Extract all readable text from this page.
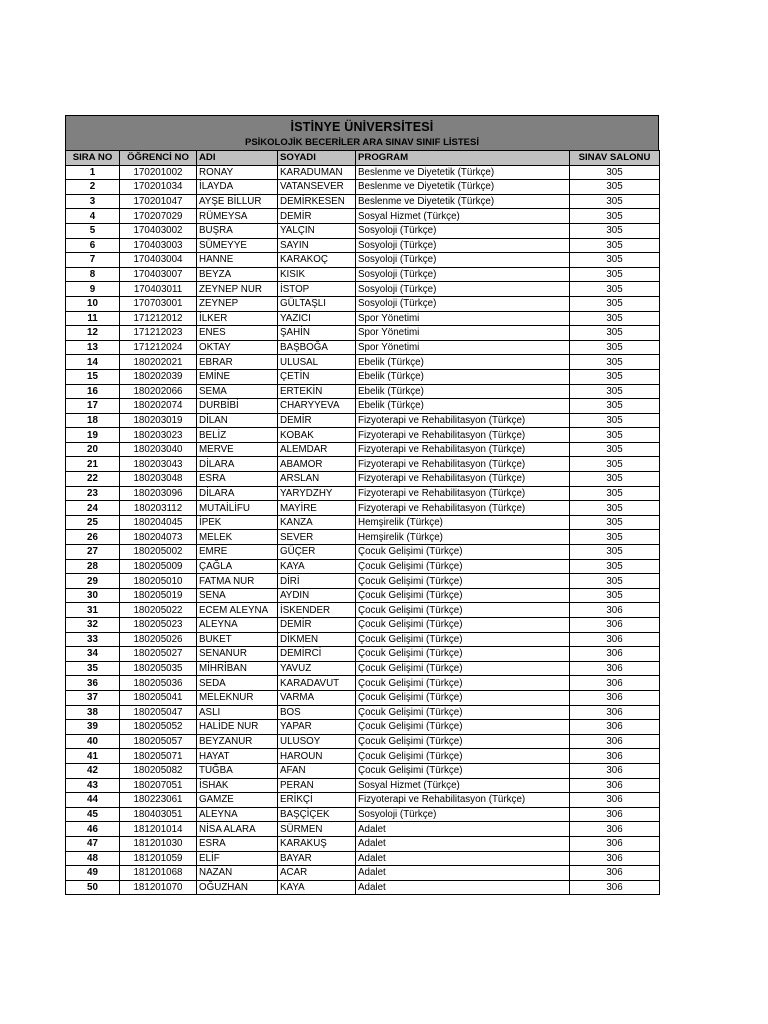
İSTİNYE ÜNİVERSİTESİ
PSİKOLOJİK BECERİLER ARA SINAV SINIF LİSTESİ
SIRA NO	ÖĞRENCİ NO	ADI	SOYADI	PROGRAM	SINAV SALONU
1	170201002	RONAY	KARADUMAN	Beslenme ve Diyetetik (Türkçe)	305
2	170201034	İLAYDA	VATANSEVER	Beslenme ve Diyetetik (Türkçe)	305
3	170201047	AYŞE BİLLUR	DEMİRKESEN	Beslenme ve Diyetetik (Türkçe)	305
4	170207029	RÜMEYSA	DEMİR	Sosyal Hizmet (Türkçe)	305
5	170403002	BUŞRA	YALÇIN	Sosyoloji (Türkçe)	305
6	170403003	SÜMEYYE	SAYIN	Sosyoloji (Türkçe)	305
7	170403004	HANNE	KARAKOÇ	Sosyoloji (Türkçe)	305
8	170403007	BEYZA	KISIK	Sosyoloji (Türkçe)	305
9	170403011	ZEYNEP NUR	İSTOP	Sosyoloji (Türkçe)	305
10	170703001	ZEYNEP	GÜLTAŞLI	Sosyoloji (Türkçe)	305
11	171212012	İLKER	YAZICI	Spor Yönetimi	305
12	171212023	ENES	ŞAHİN	Spor Yönetimi	305
13	171212024	OKTAY	BAŞBOĞA	Spor Yönetimi	305
14	180202021	EBRAR	ULUSAL	Ebelik (Türkçe)	305
15	180202039	EMİNE	ÇETİN	Ebelik (Türkçe)	305
16	180202066	SEMA	ERTEKİN	Ebelik (Türkçe)	305
17	180202074	DURBİBİ	CHARYYEVA	Ebelik (Türkçe)	305
18	180203019	DİLAN	DEMİR	Fizyoterapi ve Rehabilitasyon (Türkçe)	305
19	180203023	BELİZ	KOBAK	Fizyoterapi ve Rehabilitasyon (Türkçe)	305
20	180203040	MERVE	ALEMDAR	Fizyoterapi ve Rehabilitasyon (Türkçe)	305
21	180203043	DİLARA	ABAMOR	Fizyoterapi ve Rehabilitasyon (Türkçe)	305
22	180203048	ESRA	ARSLAN	Fizyoterapi ve Rehabilitasyon (Türkçe)	305
23	180203096	DİLARA	YARYDZHY	Fizyoterapi ve Rehabilitasyon (Türkçe)	305
24	180203112	MUTAİLİFU	MAYİRE	Fizyoterapi ve Rehabilitasyon (Türkçe)	305
25	180204045	İPEK	KANZA	Hemşirelik (Türkçe)	305
26	180204073	MELEK	SEVER	Hemşirelik (Türkçe)	305
27	180205002	EMRE	GÜÇER	Çocuk Gelişimi (Türkçe)	305
28	180205009	ÇAĞLA	KAYA	Çocuk Gelişimi (Türkçe)	305
29	180205010	FATMA NUR	DİRİ	Çocuk Gelişimi (Türkçe)	305
30	180205019	SENA	AYDIN	Çocuk Gelişimi (Türkçe)	305
31	180205022	ECEM ALEYNA	İSKENDER	Çocuk Gelişimi (Türkçe)	306
32	180205023	ALEYNA	DEMİR	Çocuk Gelişimi (Türkçe)	306
33	180205026	BUKET	DİKMEN	Çocuk Gelişimi (Türkçe)	306
34	180205027	SENANUR	DEMİRCİ	Çocuk Gelişimi (Türkçe)	306
35	180205035	MİHRİBAN	YAVUZ	Çocuk Gelişimi (Türkçe)	306
36	180205036	SEDA	KARADAVUT	Çocuk Gelişimi (Türkçe)	306
37	180205041	MELEKNUR	VARMA	Çocuk Gelişimi (Türkçe)	306
38	180205047	ASLI	BOS	Çocuk Gelişimi (Türkçe)	306
39	180205052	HALİDE NUR	YAPAR	Çocuk Gelişimi (Türkçe)	306
40	180205057	BEYZANUR	ULUSOY	Çocuk Gelişimi (Türkçe)	306
41	180205071	HAYAT	HAROUN	Çocuk Gelişimi (Türkçe)	306
42	180205082	TUĞBA	AFAN	Çocuk Gelişimi (Türkçe)	306
43	180207051	İSHAK	PERAN	Sosyal Hizmet (Türkçe)	306
44	180223061	GAMZE	ERİKÇİ	Fizyoterapi ve Rehabilitasyon (Türkçe)	306
45	180403051	ALEYNA	BAŞÇİÇEK	Sosyoloji (Türkçe)	306
46	181201014	NİSA ALARA	SÜRMEN	Adalet	306
47	181201030	ESRA	KARAKUŞ	Adalet	306
48	181201059	ELİF	BAYAR	Adalet	306
49	181201068	NAZAN	ACAR	Adalet	306
50	181201070	OĞUZHAN	KAYA	Adalet	306
